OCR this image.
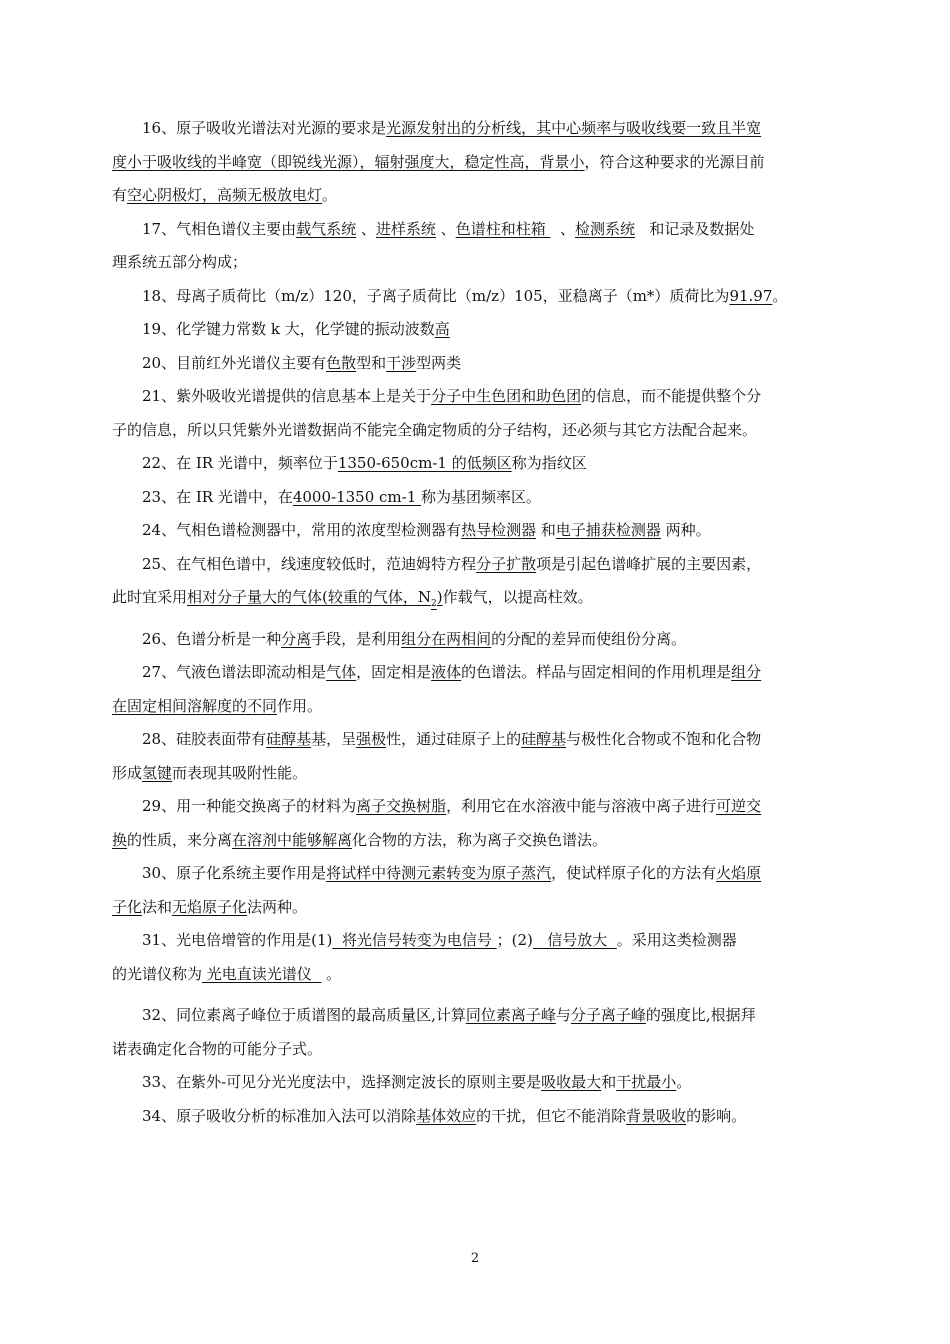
16、原子吸收光谱法对光源的要求是光源发射出的分析线，其中心频率与吸收线要一致且半宽
度小于吸收线的半峰宽（即锐线光源），辐射强度大，稳定性高，背景小，符合这种要求的光源目前
有空心阴极灯，高频无极放电灯。
17、气相色谱仪主要由载气系统 、进样系统 、色谱柱和柱箱   、检测系统   和记录及数据处
理系统五部分构成；
18、母离子质荷比（m/z）120，子离子质荷比（m/z）105，亚稳离子（m*）质荷比为91.97。
19、化学键力常数 k 大，化学键的振动波数高
20、目前红外光谱仪主要有色散型和干涉型两类
21、紫外吸收光谱提供的信息基本上是关于分子中生色团和助色团的信息，而不能提供整个分
子的信息，所以只凭紫外光谱数据尚不能完全确定物质的分子结构，还必须与其它方法配合起来。
22、在 IR 光谱中，频率位于1350-650cm-1 的低频区称为指纹区
23、在 IR 光谱中，在4000-1350 cm-1 称为基团频率区。
24、气相色谱检测器中，常用的浓度型检测器有热导检测器 和电子捕获检测器 两种。
25、在气相色谱中，线速度较低时，范迪姆特方程分子扩散项是引起色谱峰扩展的主要因素，
此时宜采用相对分子量大的气体(较重的气体，$N_2$)作载气，以提高柱效。
26、色谱分析是一种分离手段，是利用组分在两相间的分配的差异而使组份分离。
27、气液色谱法即流动相是气体，固定相是液体的色谱法。样品与固定相间的作用机理是组分
在固定相间溶解度的不同作用。
28、硅胶表面带有硅醇基基，呈强极性，通过硅原子上的硅醇基与极性化合物或不饱和化合物
形成氢键而表现其吸附性能。
29、用一种能交换离子的材料为离子交换树脂，利用它在水溶液中能与溶液中离子进行可逆交
换的性质，来分离在溶剂中能够解离化合物的方法，称为离子交换色谱法。
30、原子化系统主要作用是将试样中待测元素转变为原子蒸汽，使试样原子化的方法有火焰原
子化法和无焰原子化法两种。
31、光电倍增管的作用是(1)  将光信号转变为电信号 ；(2)   信号放大  。采用这类检测器
的光谱仪称为 光电直读光谱仪   。
32、同位素离子峰位于质谱图的最高质量区,计算同位素离子峰与分子离子峰的强度比,根据拜
诺表确定化合物的可能分子式。
33、在紫外-可见分光光度法中，选择测定波长的原则主要是吸收最大和干扰最小。
34、原子吸收分析的标准加入法可以消除基体效应的干扰，但它不能消除背景吸收的影响。
2
